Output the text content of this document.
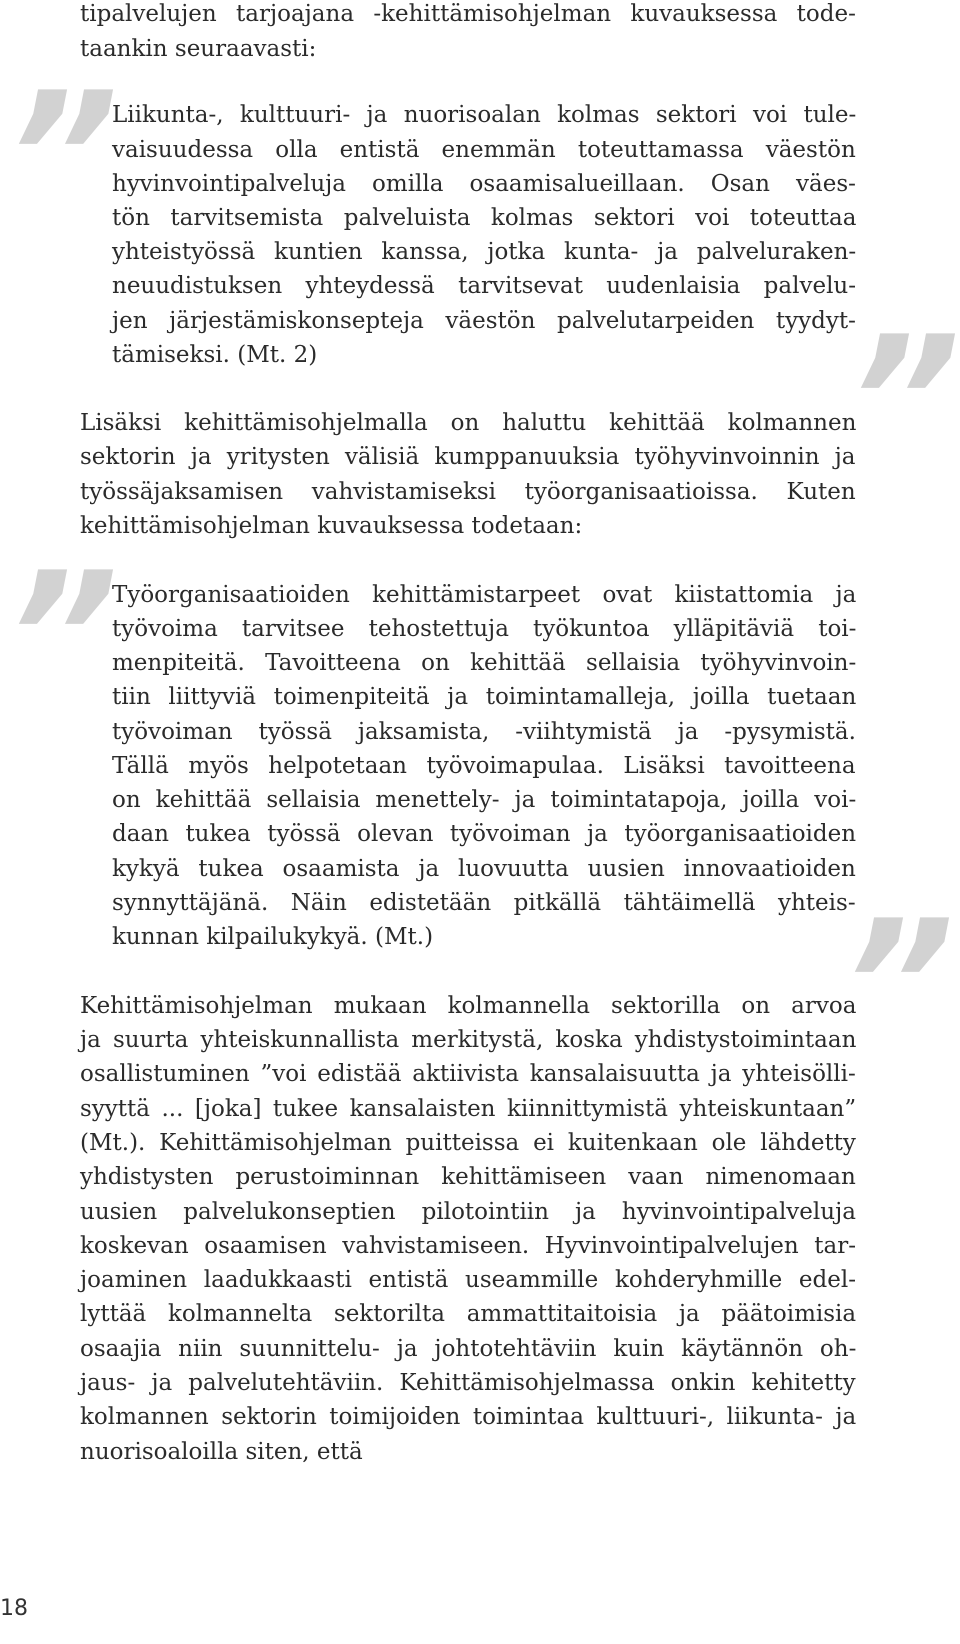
”
”
”
”

tipalvelujen tarjoajana -kehittämisohjelman kuvauksessa tode-

taankin seuraavasti:

Liikunta-, kulttuuri- ja nuorisoalan kolmas sektori voi tule-

vaisuudessa olla entistä enemmän toteuttamassa väestön

hyvinvointipalveluja omilla osaamisalueillaan. Osan väes-

tön tarvitsemista palveluista kolmas sektori voi toteuttaa

yhteistyössä kuntien kanssa, jotka kunta- ja palveluraken-

neuudistuksen yhteydessä tarvitsevat uudenlaisia palvelu-

jen järjestämiskonsepteja väestön palvelutarpeiden tyydyt-

tämiseksi. (Mt. 2)

Lisäksi kehittämisohjelmalla on haluttu kehittää kolmannen

sektorin ja yritysten välisiä kumppanuuksia työhyvinvoinnin ja

työssäjaksamisen vahvistamiseksi työorganisaatioissa. Kuten

kehittämisohjelman kuvauksessa todetaan:

Työorganisaatioiden kehittämistarpeet ovat kiistattomia ja

työvoima tarvitsee tehostettuja työkuntoa ylläpitäviä toi-

menpiteitä. Tavoitteena on kehittää sellaisia työhyvinvoin-

tiin liittyviä toimenpiteitä ja toimintamalleja, joilla tuetaan

työvoiman työssä jaksamista, -viihtymistä ja -pysymistä.

Tällä myös helpotetaan työvoimapulaa. Lisäksi tavoitteena

on kehittää sellaisia menettely- ja toimintatapoja, joilla voi-

daan tukea työssä olevan työvoiman ja työorganisaatioiden

kykyä tukea osaamista ja luovuutta uusien innovaatioiden

synnyttäjänä. Näin edistetään pitkällä tähtäimellä yhteis-

kunnan kilpailukykyä. (Mt.)

Kehittämisohjelman mukaan kolmannella sektorilla on arvoa

ja suurta yhteiskunnallista merkitystä, koska yhdistystoimintaan

osallistuminen ”voi edistää aktiivista kansalaisuutta ja yhteisölli-

syyttä ... [joka] tukee kansalaisten kiinnittymistä yhteiskuntaan”

(Mt.). Kehittämisohjelman puitteissa ei kuitenkaan ole lähdetty

yhdistysten perustoiminnan kehittämiseen vaan nimenomaan

uusien palvelukonseptien pilotointiin ja hyvinvointipalveluja

koskevan osaamisen vahvistamiseen. Hyvinvointipalvelujen tar-

joaminen laadukkaasti entistä useammille kohderyhmille edel-

lyttää kolmannelta sektorilta ammattitaitoisia ja päätoimisia

osaajia niin suunnittelu- ja johtotehtäviin kuin käytännön oh-

jaus- ja palvelutehtäviin. Kehittämisohjelmassa onkin kehitetty

kolmannen sektorin toimijoiden toimintaa kulttuuri-, liikunta- ja

nuorisoaloilla siten, että

18
